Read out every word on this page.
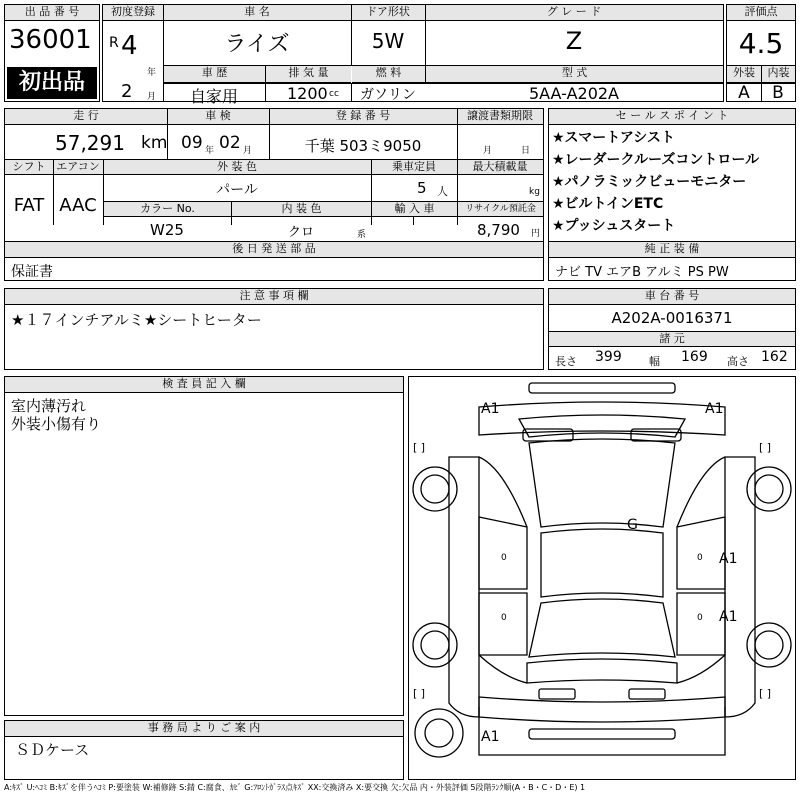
出 品 番 号
36001
初出品
初度登録	車 名	ドア形状	グ レ ー ド
R 4
年
2 月
ライズ	5W	Z
車 歴	排 気 量	燃 料	型 式
自家用	1200 cc	ガソリン	5AA-A202A
評価点
4.5
外装	内装
A	B
走 行	車 検	登 録 番 号	譲渡書類期限
57,291 km 09 年 02 月	千葉 503ミ9050	月	日
シフト エアコン	外 装 色	乗車定員	最大積載量
FAT AAC
パール	5 人	kg
カラー No.	内 装 色	輸 入 車	リサイクル預託金
W25	クロ	系	8,790 円
後 日 発 送 部 品
保証書
セ ー ル ス ポ イ ン ト
★スマートアシスト
★レーダークルーズコントロール
★パノラミックビューモニター
★ビルトインETC
★プッシュスタート
純 正 装 備
ナビ TV エアB アルミ PS PW
注 意 事 項 欄
★１７インチアルミ★シートヒーター
車 台 番 号
A202A-0016371
諸 元
長さ 399 幅 169 高さ 162
検 査 員 記 入 欄
室内薄汚れ
外装小傷有り
事 務 局 よ り ご 案 内
ＳＤケース
A1	A1
G
A1
A1
A1
0	0
0	0
[ ]	[ ]
[ ]	[ ]
A:ｷｽﾞ U:ﾍｺﾐ B:ｷｽﾞを伴うﾍｺﾐ P:要塗装 W:補修跡 S:錆 C:腐食、ｶﾋﾞ G:ﾌﾛﾝﾄｶﾞﾗｽ点ｷｽﾞ XX:交換済み X:要交換 欠:欠品 内・外装評価 5段階ﾗﾝｸ順(A・B・C・D・E) 1
